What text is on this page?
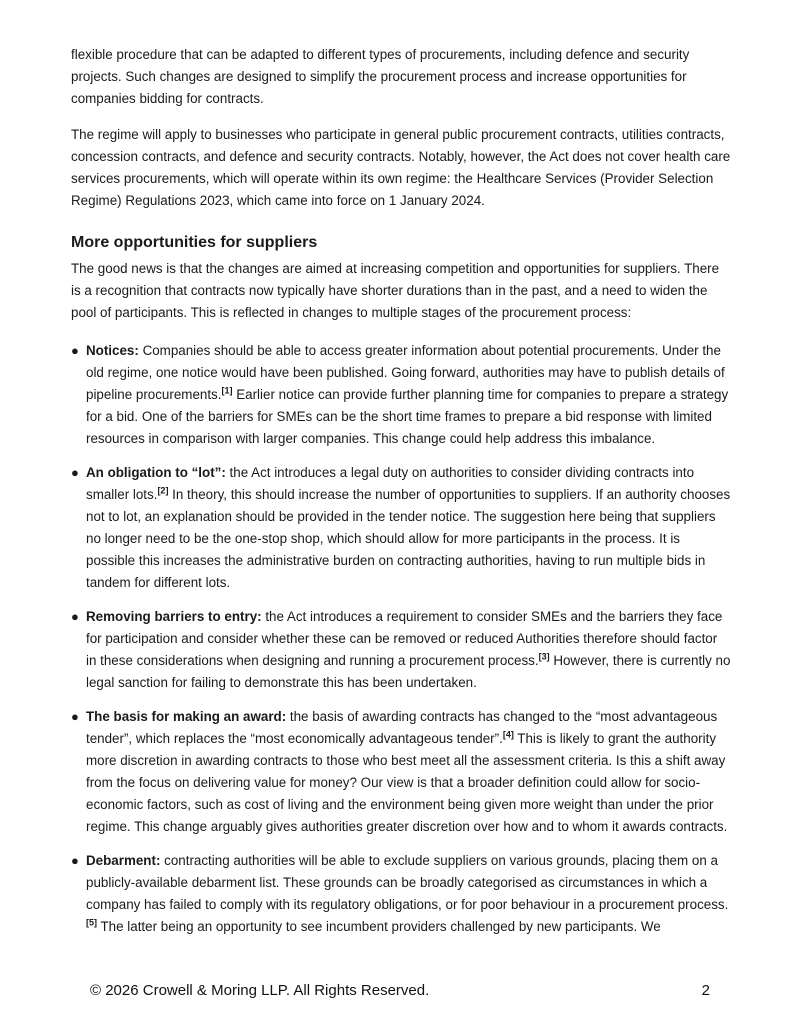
flexible procedure that can be adapted to different types of procurements, including defence and security projects. Such changes are designed to simplify the procurement process and increase opportunities for companies bidding for contracts.

The regime will apply to businesses who participate in general public procurement contracts, utilities contracts, concession contracts, and defence and security contracts. Notably, however, the Act does not cover health care services procurements, which will operate within its own regime: the Healthcare Services (Provider Selection Regime) Regulations 2023, which came into force on 1 January 2024.

More opportunities for suppliers

The good news is that the changes are aimed at increasing competition and opportunities for suppliers. There is a recognition that contracts now typically have shorter durations than in the past, and a need to widen the pool of participants. This is reflected in changes to multiple stages of the procurement process:

● Notices: Companies should be able to access greater information about potential procurements. Under the old regime, one notice would have been published. Going forward, authorities may have to publish details of pipeline procurements.[1] Earlier notice can provide further planning time for companies to prepare a strategy for a bid. One of the barriers for SMEs can be the short time frames to prepare a bid response with limited resources in comparison with larger companies. This change could help address this imbalance.
● An obligation to “lot”: the Act introduces a legal duty on authorities to consider dividing contracts into smaller lots.[2] In theory, this should increase the number of opportunities to suppliers. If an authority chooses not to lot, an explanation should be provided in the tender notice. The suggestion here being that suppliers no longer need to be the one-stop shop, which should allow for more participants in the process. It is possible this increases the administrative burden on contracting authorities, having to run multiple bids in tandem for different lots.
● Removing barriers to entry: the Act introduces a requirement to consider SMEs and the barriers they face for participation and consider whether these can be removed or reduced Authorities therefore should factor in these considerations when designing and running a procurement process.[3] However, there is currently no legal sanction for failing to demonstrate this has been undertaken.
● The basis for making an award: the basis of awarding contracts has changed to the “most advantageous tender”, which replaces the “most economically advantageous tender”.[4] This is likely to grant the authority more discretion in awarding contracts to those who best meet all the assessment criteria. Is this a shift away from the focus on delivering value for money? Our view is that a broader definition could allow for socio-economic factors, such as cost of living and the environment being given more weight than under the prior regime. This change arguably gives authorities greater discretion over how and to whom it awards contracts.
● Debarment: contracting authorities will be able to exclude suppliers on various grounds, placing them on a publicly-available debarment list. These grounds can be broadly categorised as circumstances in which a company has failed to comply with its regulatory obligations, or for poor behaviour in a procurement process.[5] The latter being an opportunity to see incumbent providers challenged by new participants. We
© 2026 Crowell & Moring LLP. All Rights Reserved.	2
